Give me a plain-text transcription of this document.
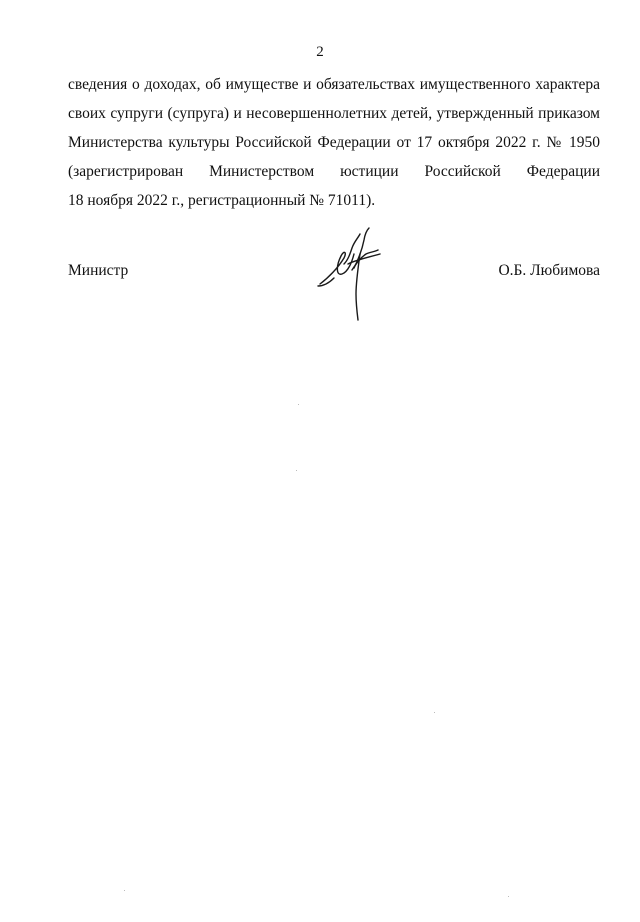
2
сведения о доходах, об имуществе и обязательствах имущественного характера
своих супруги (супруга) и несовершеннолетних детей, утвержденный приказом
Министерства культуры Российской Федерации от 17 октября 2022 г. № 1950
(зарегистрирован Министерством юстиции Российской Федерации
18 ноября 2022 г., регистрационный № 71011).
Министр	О.Б. Любимова
